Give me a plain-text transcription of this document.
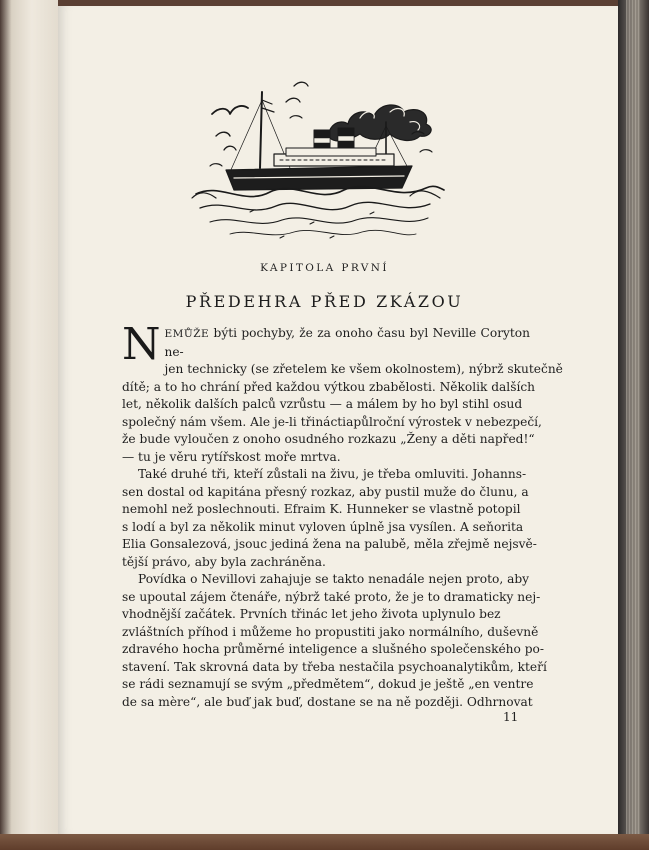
KAPITOLA PRVNÍ
PŘEDEHRA PŘED ZKÁZOU

N EMŮŽE býti pochyby, že za onoho času byl Neville Coryton ne-
jen technicky (se zřetelem ke všem okolnostem), nýbrž skutečně
dítě; a to ho chrání před každou výtkou zbabělosti. Několik dalších
let, několik dalších palců vzrůstu — a málem by ho byl stihl osud
společný nám všem. Ale je-li třináctiapůlroční výrostek v nebezpečí,
že bude vyloučen z onoho osudného rozkazu „Ženy a děti napřed!“
— tu je věru rytířskost moře mrtva.

Také druhé tři, kteří zůstali na živu, je třeba omluviti. Johanns-
sen dostal od kapitána přesný rozkaz, aby pustil muže do člunu, a
nemohl než poslechnouti. Efraim K. Hunneker se vlastně potopil
s lodí a byl za několik minut vyloven úplně jsa vysílen. A seňorita
Elia Gonsalezová, jsouc jediná žena na palubě, měla zřejmě nejsvě-
tější právo, aby byla zachráněna.

Povídka o Nevillovi zahajuje se takto nenadále nejen proto, aby
se upoutal zájem čtenáře, nýbrž také proto, že je to dramaticky nej-
vhodnější začátek. Prvních třinác let jeho života uplynulo bez
zvláštních příhod i můžeme ho propustiti jako normálního, duševně
zdravého hocha průměrné inteligence a slušného společenského po-
stavení. Tak skrovná data by třeba nestačila psychoanalytikům, kteří
se rádi seznamují se svým „předmětem“, dokud je ještě „en ventre
de sa mère“, ale buď jak buď, dostane se na ně později. Odhrnovat

11
